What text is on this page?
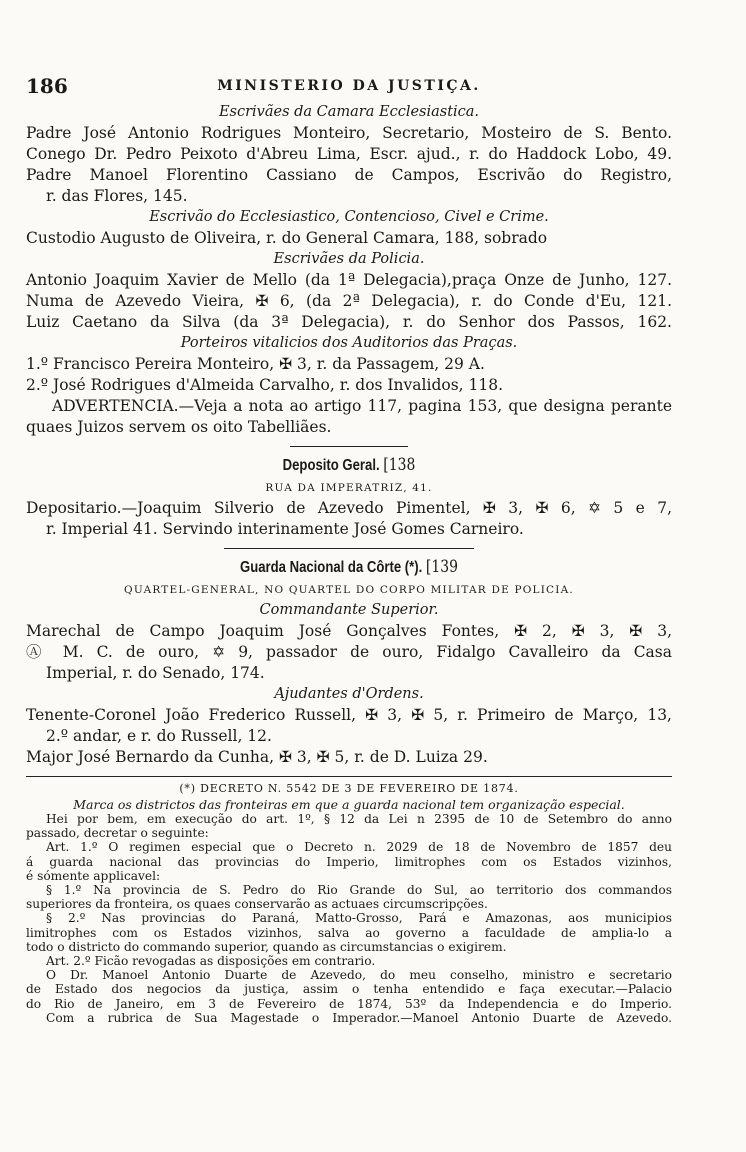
186	MINISTERIO DA JUSTIÇA.
Escrivães da Camara Ecclesiastica.
Padre José Antonio Rodrigues Monteiro, Secretario, Mosteiro de S. Bento.
Conego Dr. Pedro Peixoto d'Abreu Lima, Escr. ajud., r. do Haddock Lobo, 49.
Padre Manoel Florentino Cassiano de Campos, Escrivão do Registro,
r. das Flores, 145.
Escrivão do Ecclesiastico, Contencioso, Civel e Crime.
Custodio Augusto de Oliveira, r. do General Camara, 188, sobrado
Escrivães da Policia.
Antonio Joaquim Xavier de Mello (da 1ª Delegacia),praça Onze de Junho, 127.
Numa de Azevedo Vieira, ✠ 6, (da 2ª Delegacia), r. do Conde d'Eu, 121.
Luiz Caetano da Silva (da 3ª Delegacia), r. do Senhor dos Passos, 162.
Porteiros vitalicios dos Auditorios das Praças.
1.º Francisco Pereira Monteiro, ✠ 3, r. da Passagem, 29 A.
2.º José Rodrigues d'Almeida Carvalho, r. dos Invalidos, 118.
ADVERTENCIA.—Veja a nota ao artigo 117, pagina 153, que designa perante
quaes Juizos servem os oito Tabelliães.
Deposito Geral. [138
RUA DA IMPERATRIZ, 41.
Depositario.—Joaquim Silverio de Azevedo Pimentel, ✠ 3, ✠ 6, ✡ 5 e 7,
r. Imperial 41. Servindo interinamente José Gomes Carneiro.
Guarda Nacional da Côrte (*). [139
QUARTEL-GENERAL, NO QUARTEL DO CORPO MILITAR DE POLICIA.
Commandante Superior.
Marechal de Campo Joaquim José Gonçalves Fontes, ✠ 2, ✠ 3, ✠ 3,
Ⓐ M. C. de ouro, ✡ 9, passador de ouro, Fidalgo Cavalleiro da Casa
Imperial, r. do Senado, 174.
Ajudantes d'Ordens.
Tenente-Coronel João Frederico Russell, ✠ 3, ✠ 5, r. Primeiro de Março, 13,
2.º andar, e r. do Russell, 12.
Major José Bernardo da Cunha, ✠ 3, ✠ 5, r. de D. Luiza 29.
(*) DECRETO N. 5542 DE 3 DE FEVEREIRO DE 1874.
Marca os districtos das fronteiras em que a guarda nacional tem organização especial.
Hei por bem, em execução do art. 1º, § 12 da Lei n 2395 de 10 de Setembro do anno
passado, decretar o seguinte:
Art. 1.º O regimen especial que o Decreto n. 2029 de 18 de Novembro de 1857 deu
á guarda nacional das provincias do Imperio, limitrophes com os Estados vizinhos,
é sómente applicavel:
§ 1.º Na provincia de S. Pedro do Rio Grande do Sul, ao territorio dos commandos
superiores da fronteira, os quaes conservarão as actuaes circumscripções.
§ 2.º Nas provincias do Paraná, Matto-Grosso, Pará e Amazonas, aos municipios
limitrophes com os Estados vizinhos, salva ao governo a faculdade de amplia-lo a
todo o districto do commando superior, quando as circumstancias o exigirem.
Art. 2.º Ficão revogadas as disposições em contrario.
O Dr. Manoel Antonio Duarte de Azevedo, do meu conselho, ministro e secretario
de Estado dos negocios da justiça, assim o tenha entendido e faça executar.—Palacio
do Rio de Janeiro, em 3 de Fevereiro de 1874, 53º da Independencia e do Imperio.
Com a rubrica de Sua Magestade o Imperador.—Manoel Antonio Duarte de Azevedo.
